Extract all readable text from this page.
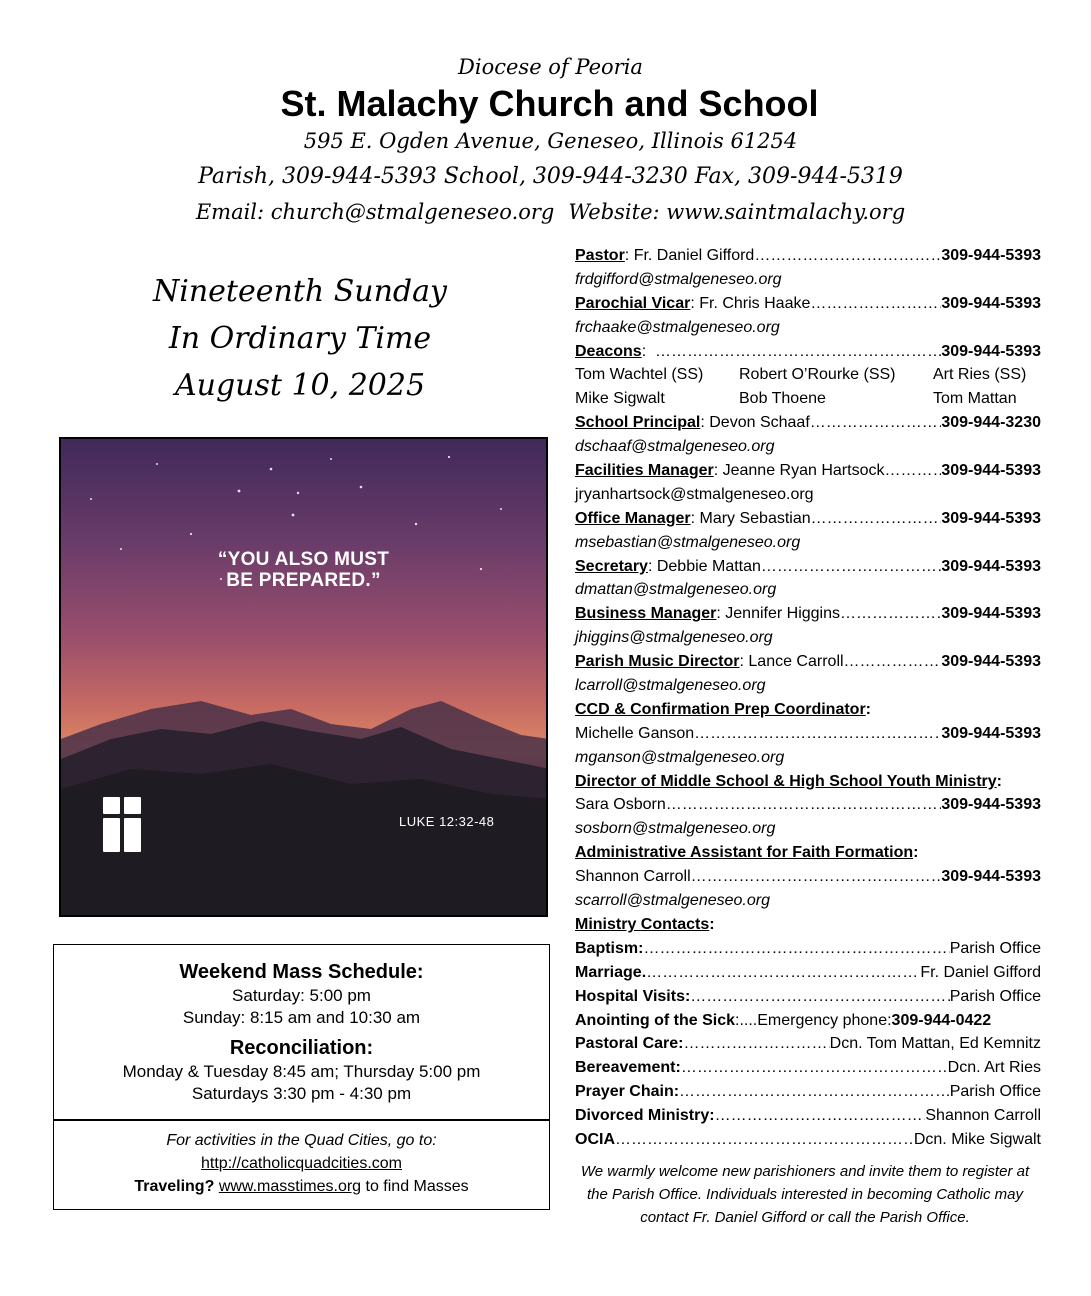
Diocese of Peoria
St. Malachy Church and School
595 E. Ogden Avenue, Geneseo, Illinois 61254
Parish, 309-944-5393 School, 309-944-3230 Fax, 309-944-5319
Email: church@stmalgeneseo.org Website: www.saintmalachy.org
Nineteenth Sunday
In Ordinary Time
August 10, 2025
“YOU ALSO MUST
BE PREPARED.”
LUKE 12:32-48
Weekend Mass Schedule:
Saturday: 5:00 pm
Sunday: 8:15 am and 10:30 am
Reconciliation:
Monday & Tuesday 8:45 am; Thursday 5:00 pm
Saturdays 3:30 pm - 4:30 pm
For activities in the Quad Cities, go to:
http://catholicquadcities.com
Traveling? www.masstimes.org to find Masses
Pastor: Fr. Daniel Gifford ……………………………………………………………………………………………………………………………	309-944-5393
frdgifford@stmalgeneseo.org
Parochial Vicar: Fr. Chris Haake ……………………………………………………………………………………………………………………………	309-944-5393
frchaake@stmalgeneseo.org
Deacons: ……………………………………………………………………………………………………………………………	309-944-5393
Tom Wachtel (SS)	Robert O’Rourke (SS)	Art Ries (SS)
Mike Sigwalt	Bob Thoene	Tom Mattan
School Principal: Devon Schaaf ……………………………………………………………………………………………………………………………	309-944-3230
dschaaf@stmalgeneseo.org
Facilities Manager: Jeanne Ryan Hartsock ……………………………………………………………………………………………………………………………	309-944-5393
jryanhartsock@stmalgeneseo.org
Office Manager: Mary Sebastian ……………………………………………………………………………………………………………………………	309-944-5393
msebastian@stmalgeneseo.org
Secretary: Debbie Mattan ……………………………………………………………………………………………………………………………	309-944-5393
dmattan@stmalgeneseo.org
Business Manager: Jennifer Higgins ……………………………………………………………………………………………………………………………	309-944-5393
jhiggins@stmalgeneseo.org
Parish Music Director: Lance Carroll ……………………………………………………………………………………………………………………………	309-944-5393
lcarroll@stmalgeneseo.org
CCD & Confirmation Prep Coordinator:
Michelle Ganson ……………………………………………………………………………………………………………………………	309-944-5393
mganson@stmalgeneseo.org
Director of Middle School & High School Youth Ministry:
Sara Osborn ……………………………………………………………………………………………………………………………	309-944-5393
sosborn@stmalgeneseo.org
Administrative Assistant for Faith Formation:
Shannon Carroll ……………………………………………………………………………………………………………………………	309-944-5393
scarroll@stmalgeneseo.org
Ministry Contacts:
Baptism: ……………………………………………………………………………………………………………………………	Parish Office
Marriage. ……………………………………………………………………………………………………………………………	Fr. Daniel Gifford
Hospital Visits: ……………………………………………………………………………………………………………………………	Parish Office
Anointing of the Sick :.... Emergency phone: 309-944-0422
Pastoral Care: ……………………………………………………………………………………………………………………………	Dcn. Tom Mattan, Ed Kemnitz
Bereavement: ……………………………………………………………………………………………………………………………	Dcn. Art Ries
Prayer Chain: ……………………………………………………………………………………………………………………………	Parish Office
Divorced Ministry: ……………………………………………………………………………………………………………………………	Shannon Carroll
OCIA ……………………………………………………………………………………………………………………………	Dcn. Mike Sigwalt
We warmly welcome new parishioners and invite them to register at the Parish Office. Individuals interested in becoming Catholic may contact Fr. Daniel Gifford or call the Parish Office.
